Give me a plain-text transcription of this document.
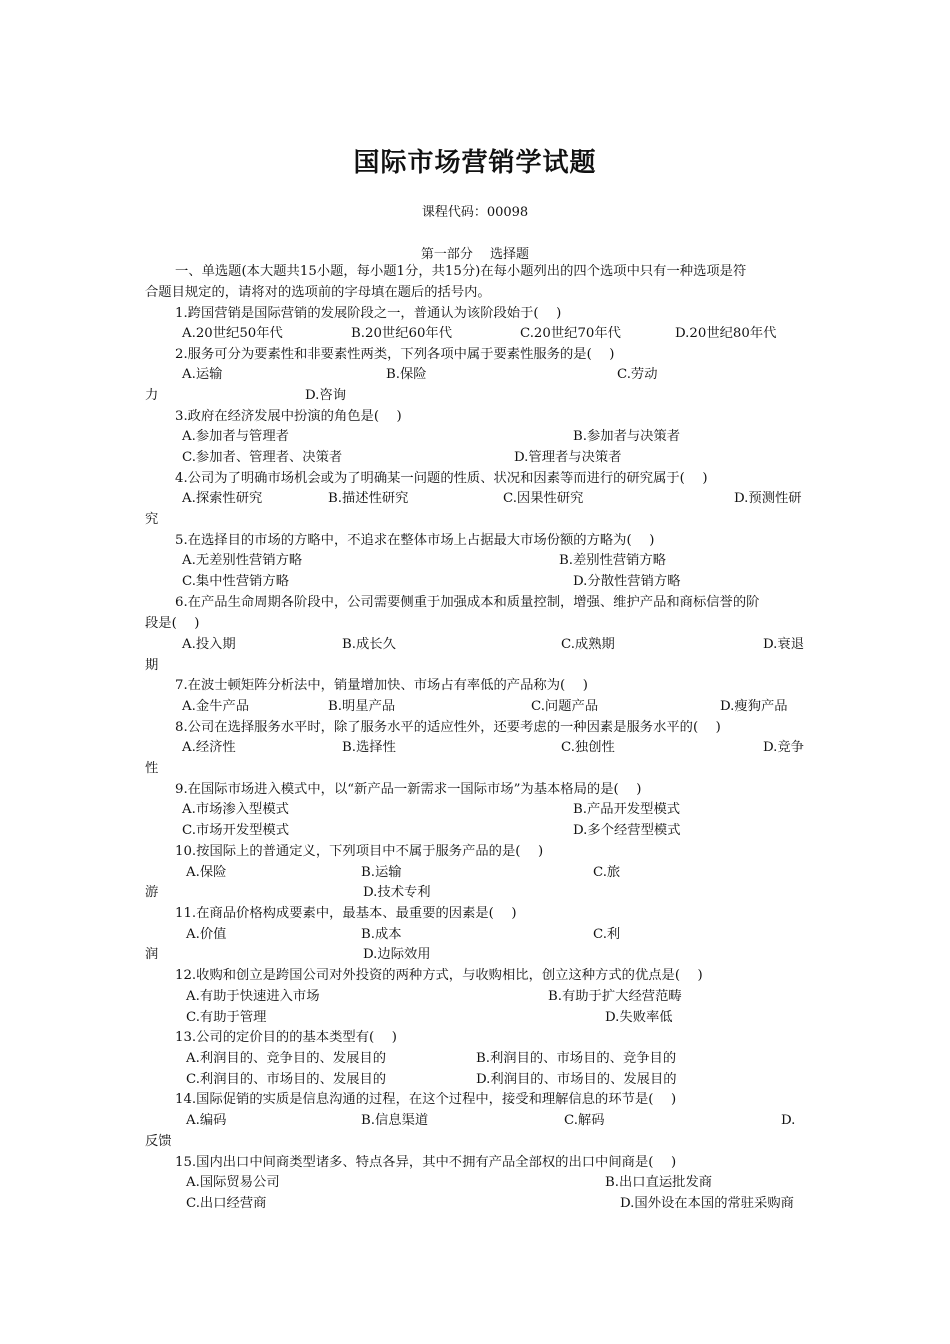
国际市场营销学试题
课程代码：00098
第一部分　 选择题
一、单选题(本大题共15小题，每小题1分，共15分)在每小题列出的四个选项中只有一种选项是符
合题目规定的，请将对的选项前的字母填在题后的括号内。
1.跨国营销是国际营销的发展阶段之一，普通认为该阶段始于(　 )
A.20世纪50年代	B.20世纪60年代	C.20世纪70年代	D.20世纪80年代
2.服务可分为要素性和非要素性两类，下列各项中属于要素性服务的是(　 )
A.运输	B.保险	C.劳动
力	D.咨询
3.政府在经济发展中扮演的角色是(　 )
A.参加者与管理者	B.参加者与决策者
C.参加者、管理者、决策者	D.管理者与决策者
4.公司为了明确市场机会或为了明确某一问题的性质、状况和因素等而进行的研究属于(　 )
A.探索性研究	B.描述性研究	C.因果性研究	D.预测性研
究
5.在选择目的市场的方略中，不追求在整体市场上占据最大市场份额的方略为(　 )
A.无差别性营销方略	B.差别性营销方略
C.集中性营销方略	D.分散性营销方略
6.在产品生命周期各阶段中，公司需要侧重于加强成本和质量控制，增强、维护产品和商标信誉的阶
段是(　 )
A.投入期	B.成长久	C.成熟期	D.衰退
期
7.在波士顿矩阵分析法中，销量增加快、市场占有率低的产品称为(　 )
A.金牛产品	B.明星产品	C.问题产品	D.瘦狗产品
8.公司在选择服务水平时，除了服务水平的适应性外，还要考虑的一种因素是服务水平的(　 )
A.经济性	B.选择性	C.独创性	D.竞争
性
9.在国际市场进入模式中，以“新产品一新需求一国际市场”为基本格局的是(　 )
A.市场渗入型模式	B.产品开发型模式
C.市场开发型模式	D.多个经营型模式
10.按国际上的普通定义，下列项目中不属于服务产品的是(　 )
A.保险	B.运输	C.旅
游	D.技术专利
11.在商品价格构成要素中，最基本、最重要的因素是(　 )
A.价值	B.成本	C.利
润	D.边际效用
12.收购和创立是跨国公司对外投资的两种方式，与收购相比，创立这种方式的优点是(　 )
A.有助于快速进入市场	B.有助于扩大经营范畴
C.有助于管理	D.失败率低
13.公司的定价目的的基本类型有(　 )
A.利润目的、竞争目的、发展目的	B.利润目的、市场目的、竞争目的
C.利润目的、市场目的、发展目的	D.利润目的、市场目的、发展目的
14.国际促销的实质是信息沟通的过程，在这个过程中，接受和理解信息的环节是(　 )
A.编码	B.信息渠道	C.解码	D.
反馈
15.国内出口中间商类型诸多、特点各异，其中不拥有产品全部权的出口中间商是(　 )
A.国际贸易公司	B.出口直运批发商
C.出口经营商	D.国外设在本国的常驻采购商
